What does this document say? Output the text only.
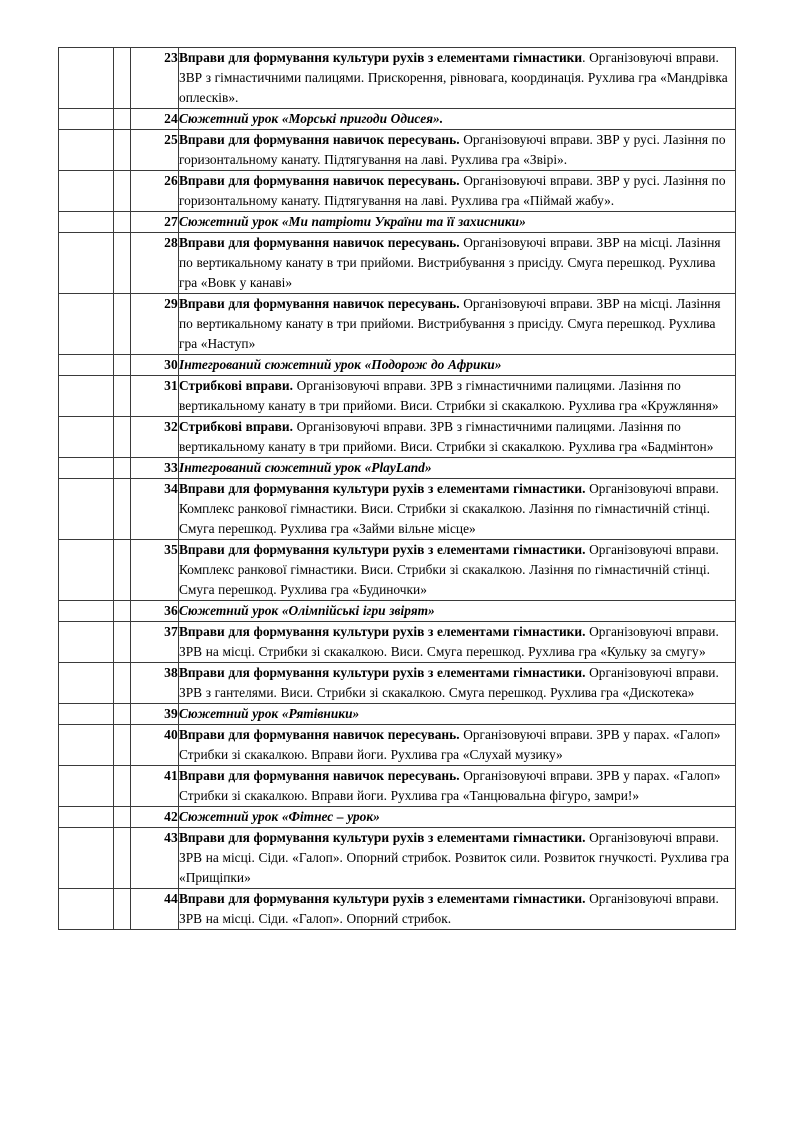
		23	Вправи для формування культури рухів з елементами гімнастики. Організовуючі вправи. ЗВР з гімнастичними палицями. Прискорення, рівновага, координація. Рухлива гра «Мандрівка оплесків».
		24	Сюжетний урок «Морські пригоди Одисея».
		25	Вправи для формування навичок пересувань. Організовуючі вправи. ЗВР у русі. Лазіння по горизонтальному канату. Підтягування на лаві. Рухлива гра «Звірі».
		26	Вправи для формування навичок пересувань. Організовуючі вправи. ЗВР у русі. Лазіння по горизонтальному канату. Підтягування на лаві. Рухлива гра «Піймай жабу».
		27	Сюжетний урок «Ми патріоти України та її захисники»
		28	Вправи для формування навичок пересувань. Організовуючі вправи. ЗВР на місці. Лазіння по вертикальному канату в три прийоми. Вистрибування з присіду. Смуга перешкод. Рухлива гра «Вовк у канаві»
		29	Вправи для формування навичок пересувань. Організовуючі вправи. ЗВР на місці. Лазіння по вертикальному канату в три прийоми. Вистрибування з присіду. Смуга перешкод. Рухлива гра «Наступ»
		30	Інтегрований сюжетний урок «Подорож до Африки»
		31	Стрибкові вправи. Організовуючі вправи. ЗРВ з гімнастичними палицями. Лазіння по вертикальному канату в три прийоми. Виси. Стрибки зі скакалкою. Рухлива гра «Кружляння»
		32	Стрибкові вправи. Організовуючі вправи. ЗРВ з гімнастичними палицями. Лазіння по вертикальному канату в три прийоми. Виси. Стрибки зі скакалкою. Рухлива гра «Бадмінтон»
		33	Інтегрований сюжетний урок «PlayLand»
		34	Вправи для формування культури рухів з елементами гімнастики. Організовуючі вправи. Комплекс ранкової гімнастики. Виси. Стрибки зі скакалкою. Лазіння по гімнастичній стінці. Смуга перешкод. Рухлива гра «Займи вільне місце»
		35	Вправи для формування культури рухів з елементами гімнастики. Організовуючі вправи. Комплекс ранкової гімнастики. Виси. Стрибки зі скакалкою. Лазіння по гімнастичній стінці. Смуга перешкод. Рухлива гра «Будиночки»
		36	Сюжетний урок «Олімпійські ігри звірят»
		37	Вправи для формування культури рухів з елементами гімнастики. Організовуючі вправи. ЗРВ на місці. Стрибки зі скакалкою. Виси. Смуга перешкод. Рухлива гра «Кульку за смугу»
		38	Вправи для формування культури рухів з елементами гімнастики. Організовуючі вправи. ЗРВ з гантелями. Виси. Стрибки зі скакалкою. Смуга перешкод. Рухлива гра «Дискотека»
		39	Сюжетний урок «Рятівники»
		40	Вправи для формування навичок пересувань. Організовуючі вправи. ЗРВ у парах. «Галоп» Стрибки зі скакалкою. Вправи йоги. Рухлива гра «Слухай музику»
		41	Вправи для формування навичок пересувань. Організовуючі вправи. ЗРВ у парах. «Галоп» Стрибки зі скакалкою. Вправи йоги. Рухлива гра «Танцювальна фігуро, замри!»
		42	Сюжетний урок «Фітнес – урок»
		43	Вправи для формування культури рухів з елементами гімнастики. Організовуючі вправи. ЗРВ на місці. Сіди. «Галоп». Опорний стрибок. Розвиток сили. Розвиток гнучкості. Рухлива гра «Прищіпки»
		44	Вправи для формування культури рухів з елементами гімнастики. Організовуючі вправи. ЗРВ на місці. Сіди. «Галоп». Опорний стрибок.
